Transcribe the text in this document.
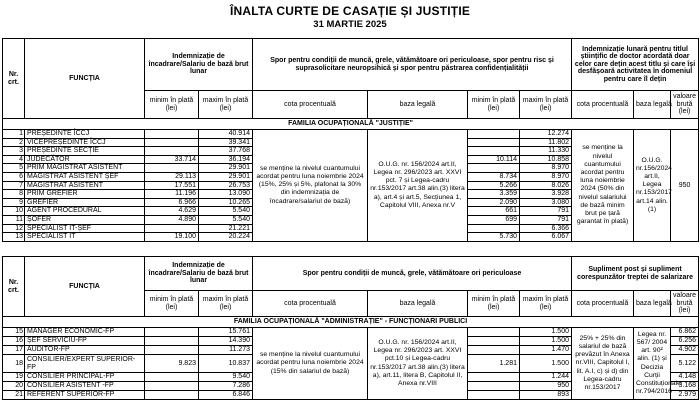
ÎNALTA CURTE DE CASAȚIE ȘI JUSTIȚIE
31 MARTIE 2025
Nr. crt.	FUNCȚIA	Indemnizație de încadrare/Salariu de bază brut lunar		Spor pentru condiții de muncă, grele, vătămătoare ori periculoase, spor pentru risc și suprasolicitare neuropsihică și spor pentru păstrarea confidențialității				Indemnizație lunară pentru titlul științific de doctor acordată doar celor care dețin acest titlu și care își desfășoară activitatea în domeniul pentru care îl dețin		
		minim în plată (lei)	maxim în plată (lei)	cota procentuală	baza legală	minim în plată (lei)	maxim în plată (lei)	cota procentuală	baza legală	valoare brută (lei)
FAMILIA OCUPAȚIONALĂ "JUSTIȚIE"										
1	PREȘEDINTE ÎCCJ		40.914	se menține la nivelul cuantumului acordat pentru luna noiembrie 2024 (15%, 25% și 5%, plafonat la 30% din indemnizația de încadrare/salariul de bază)	O.U.G. nr. 156/2024 art.II, Legea nr. 296/2023 art. XXVI pct. 7 și Legea-cadru nr.153/2017 art.38 alin.(3) litera a), art.4 și art.5, Secțiunea 1, Capitolul VIII, Anexa nr.V		12.274	se menține la nivelul cuantumului acordat pentru luna noiembrie 2024 (50% din nivelul salariului de bază minim brut pe țară garantat în plată)	O.U.G. nr.156/2024 art.II, Legea nr.153/2017 art.14 alin.(1)	950
2	VICEPREȘEDINTE ÎCCJ		39.341				11.802			
3	PREȘEDINTE SECȚIE		37.768				11.330			
4	JUDECĂTOR	33.714	36.194			10.114	10.858			
5	PRIM MAGISTRAT ASISTENT		29.901				8.970			
6	MAGISTRAT ASISTENT ȘEF	29.113	29.901			8.734	8.970			
7	MAGISTRAT ASISTENT	17.551	26.753			5.266	8.026			
8	PRIM GREFIER	11.196	13.090			3.359	3.928			
9	GREFIER	6.966	10.265			2.090	3.080			
10	AGENT PROCEDURAL	4.629	5.540			661	791			
11	ȘOFER	4.890	5.540			699	791			
12	SPECIALIST IT-ȘEF		21.221				6.366			
13	SPECIALIST IT	19.100	20.224			5.730	6.067			
Nr. crt.	FUNCȚIA	Indemnizație de încadrare/Salariu de bază brut lunar		Spor pentru condiții de muncă, grele, vătămătoare ori periculoase				Supliment post și supliment corespunzător treptei de salarizare		
		minim în plată (lei)	maxim în plată (lei)	cota procentuală	baza legală	minim în plată (lei)	maxim în plată (lei)	cota procentuală	baza legală	valoare brută (lei)
FAMILIA OCUPAȚIONALĂ "ADMINISTRAȚIE" - FUNCȚIONARI PUBLICI										
15	MANAGER ECONOMIC-FP		15.761	se menține la nivelul cuantumului acordat pentru luna noiembrie 2024 (15% din salariul de bază)	O.U.G. nr. 156/2024 art.II, Legea nr. 296/2023 art. XXVI pct.10 și Legea-cadru nr.153/2017 art.38 alin.(3) litera a), art.11, litera B, Capitolul II, Anexa nr.VIII		1.500	25% + 25% din salariul de bază prevăzut în Anexa nr.VIII, Capitolul I, lit. A.I, c) și d) din Legea-cadru nr.153/2017	Legea nr. 567/ 2004 art. 90² alin. (1) și Decizia Curții Constituționale nr.794/2016	6.862
16	ȘEF SERVICIU-FP		14.390				1.500			6.256
17	AUDITOR-FP		11.273				1.470			4.902
18	CONSILIER/EXPERT SUPERIOR-FP	9.823	10.837			1.281	1.500			5.122
19	CONSILIER PRINCIPAL-FP		9.540				1.244			4.148
20	CONSILIER ASISTENT -FP		7.286				950			3.168
21	REFERENT SUPERIOR-FP		6.846				893			2.979
